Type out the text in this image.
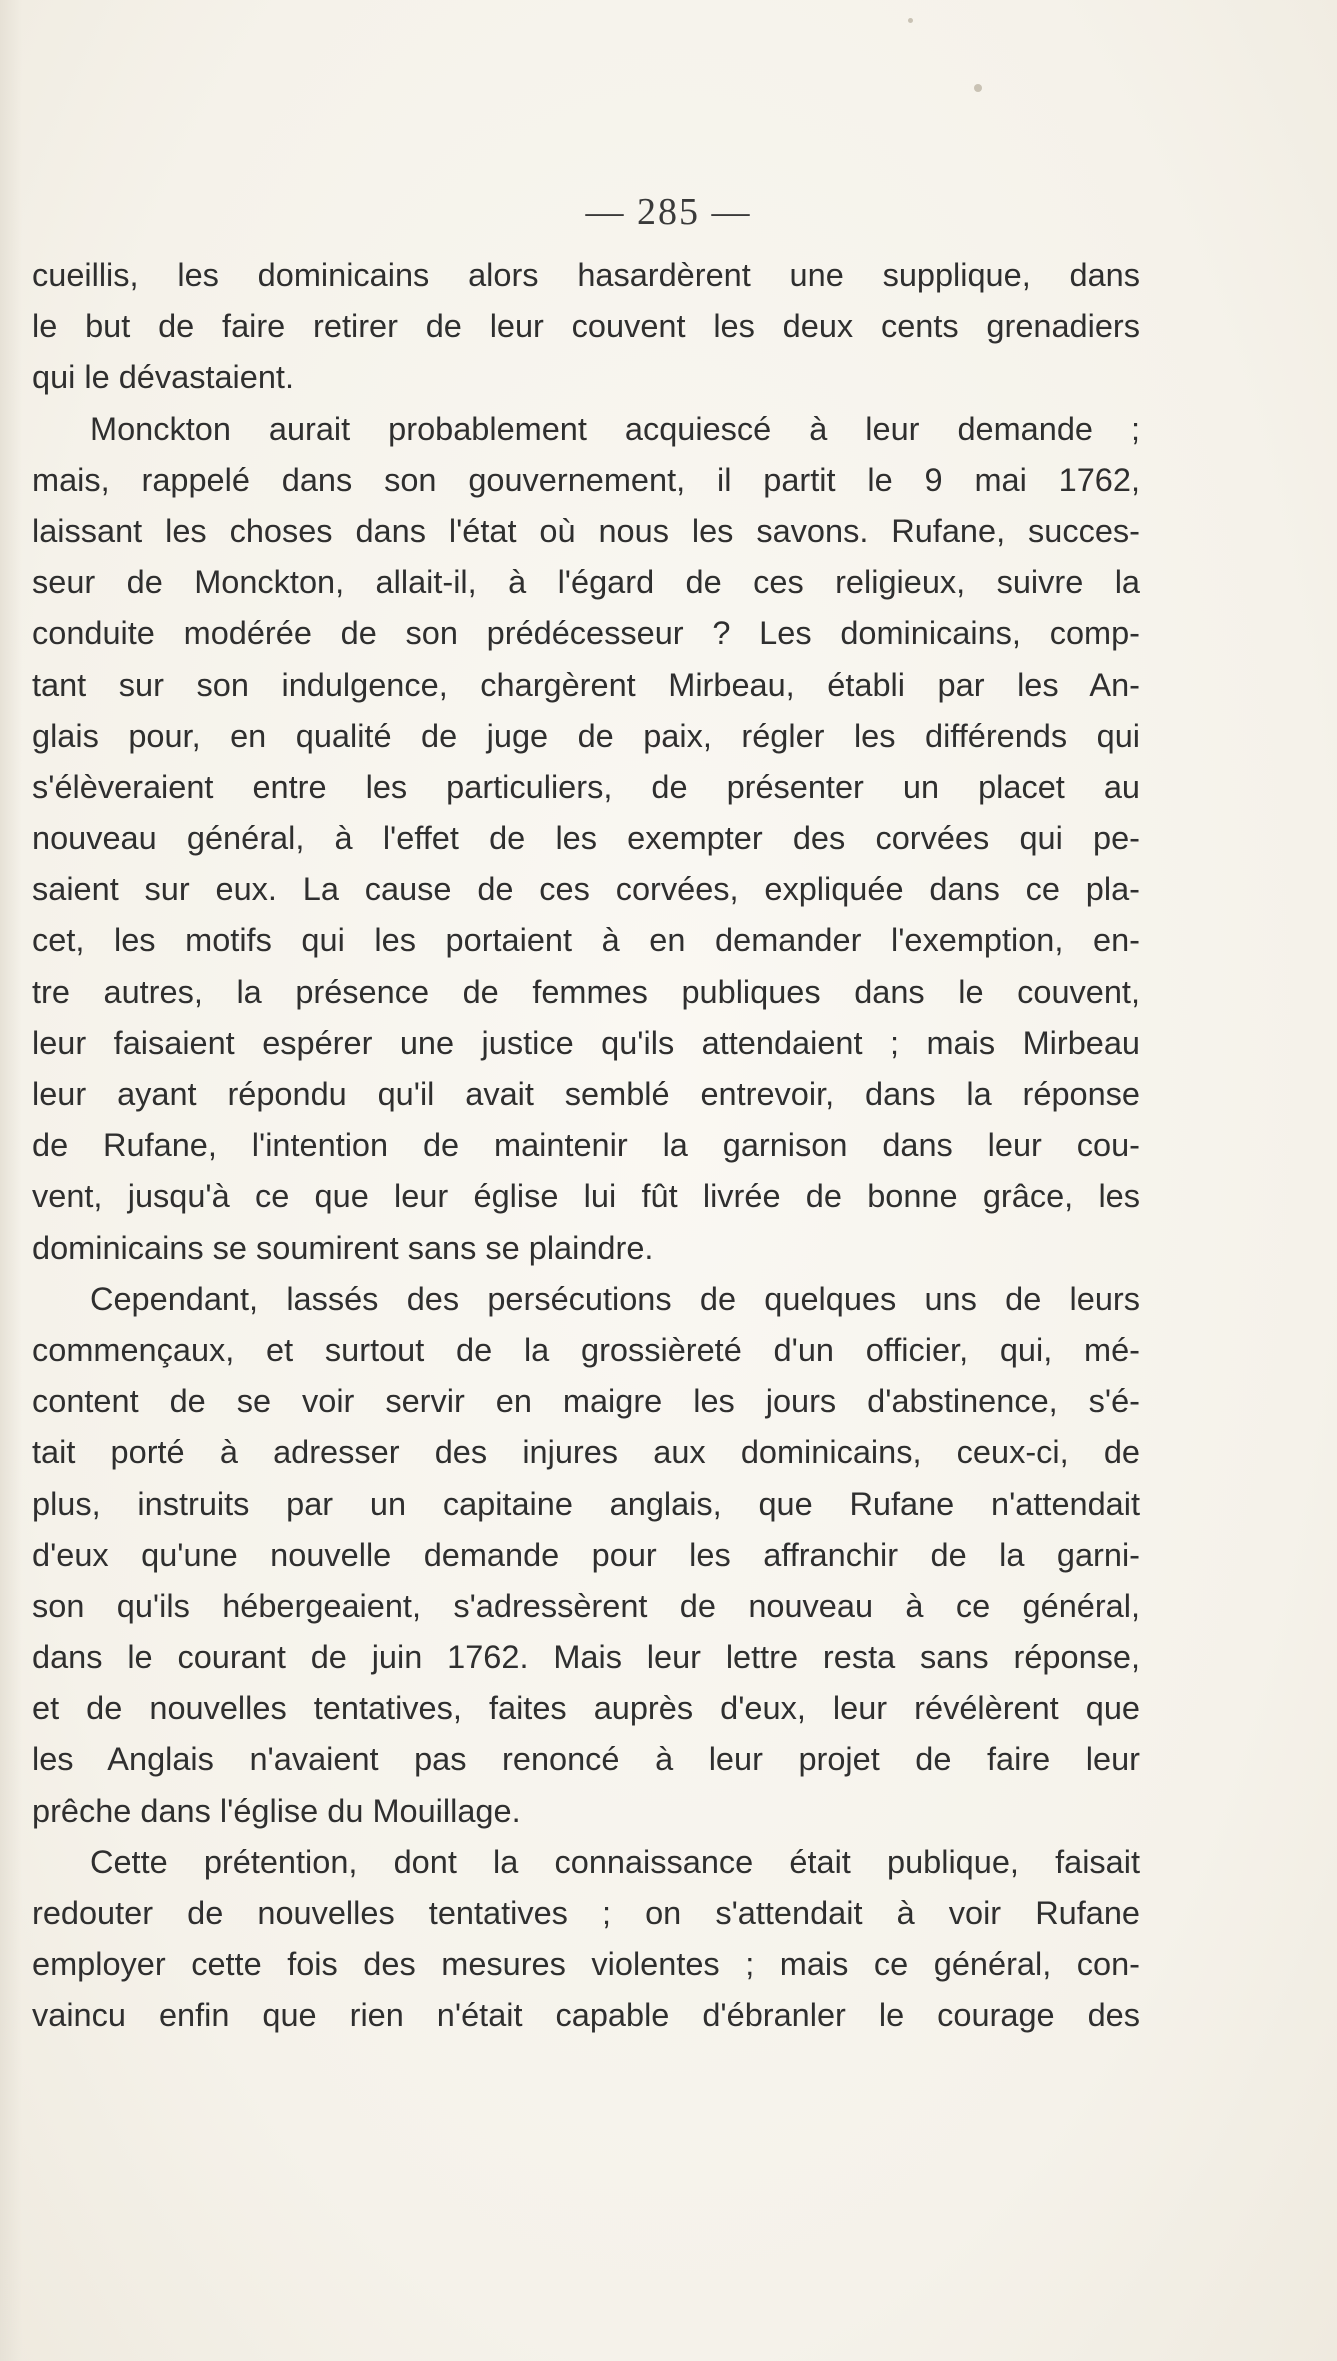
— 285 —
cueillis, les dominicains alors hasardèrent une supplique, dans
le but de faire retirer de leur couvent les deux cents grenadiers
qui le dévastaient.
Monckton aurait probablement acquiescé à leur demande ;
mais, rappelé dans son gouvernement, il partit le 9 mai 1762,
laissant les choses dans l'état où nous les savons. Rufane, succes-
seur de Monckton, allait-il, à l'égard de ces religieux, suivre la
conduite modérée de son prédécesseur ? Les dominicains, comp-
tant sur son indulgence, chargèrent Mirbeau, établi par les An-
glais pour, en qualité de juge de paix, régler les différends qui
s'élèveraient entre les particuliers, de présenter un placet au
nouveau général, à l'effet de les exempter des corvées qui pe-
saient sur eux. La cause de ces corvées, expliquée dans ce pla-
cet, les motifs qui les portaient à en demander l'exemption, en-
tre autres, la présence de femmes publiques dans le couvent,
leur faisaient espérer une justice qu'ils attendaient ; mais Mirbeau
leur ayant répondu qu'il avait semblé entrevoir, dans la réponse
de Rufane, l'intention de maintenir la garnison dans leur cou-
vent, jusqu'à ce que leur église lui fût livrée de bonne grâce, les
dominicains se soumirent sans se plaindre.
Cependant, lassés des persécutions de quelques uns de leurs
commençaux, et surtout de la grossièreté d'un officier, qui, mé-
content de se voir servir en maigre les jours d'abstinence, s'é-
tait porté à adresser des injures aux dominicains, ceux-ci, de
plus, instruits par un capitaine anglais, que Rufane n'attendait
d'eux qu'une nouvelle demande pour les affranchir de la garni-
son qu'ils hébergeaient, s'adressèrent de nouveau à ce général,
dans le courant de juin 1762. Mais leur lettre resta sans réponse,
et de nouvelles tentatives, faites auprès d'eux, leur révélèrent que
les Anglais n'avaient pas renoncé à leur projet de faire leur
prêche dans l'église du Mouillage.
Cette prétention, dont la connaissance était publique, faisait
redouter de nouvelles tentatives ; on s'attendait à voir Rufane
employer cette fois des mesures violentes ; mais ce général, con-
vaincu enfin que rien n'était capable d'ébranler le courage des
